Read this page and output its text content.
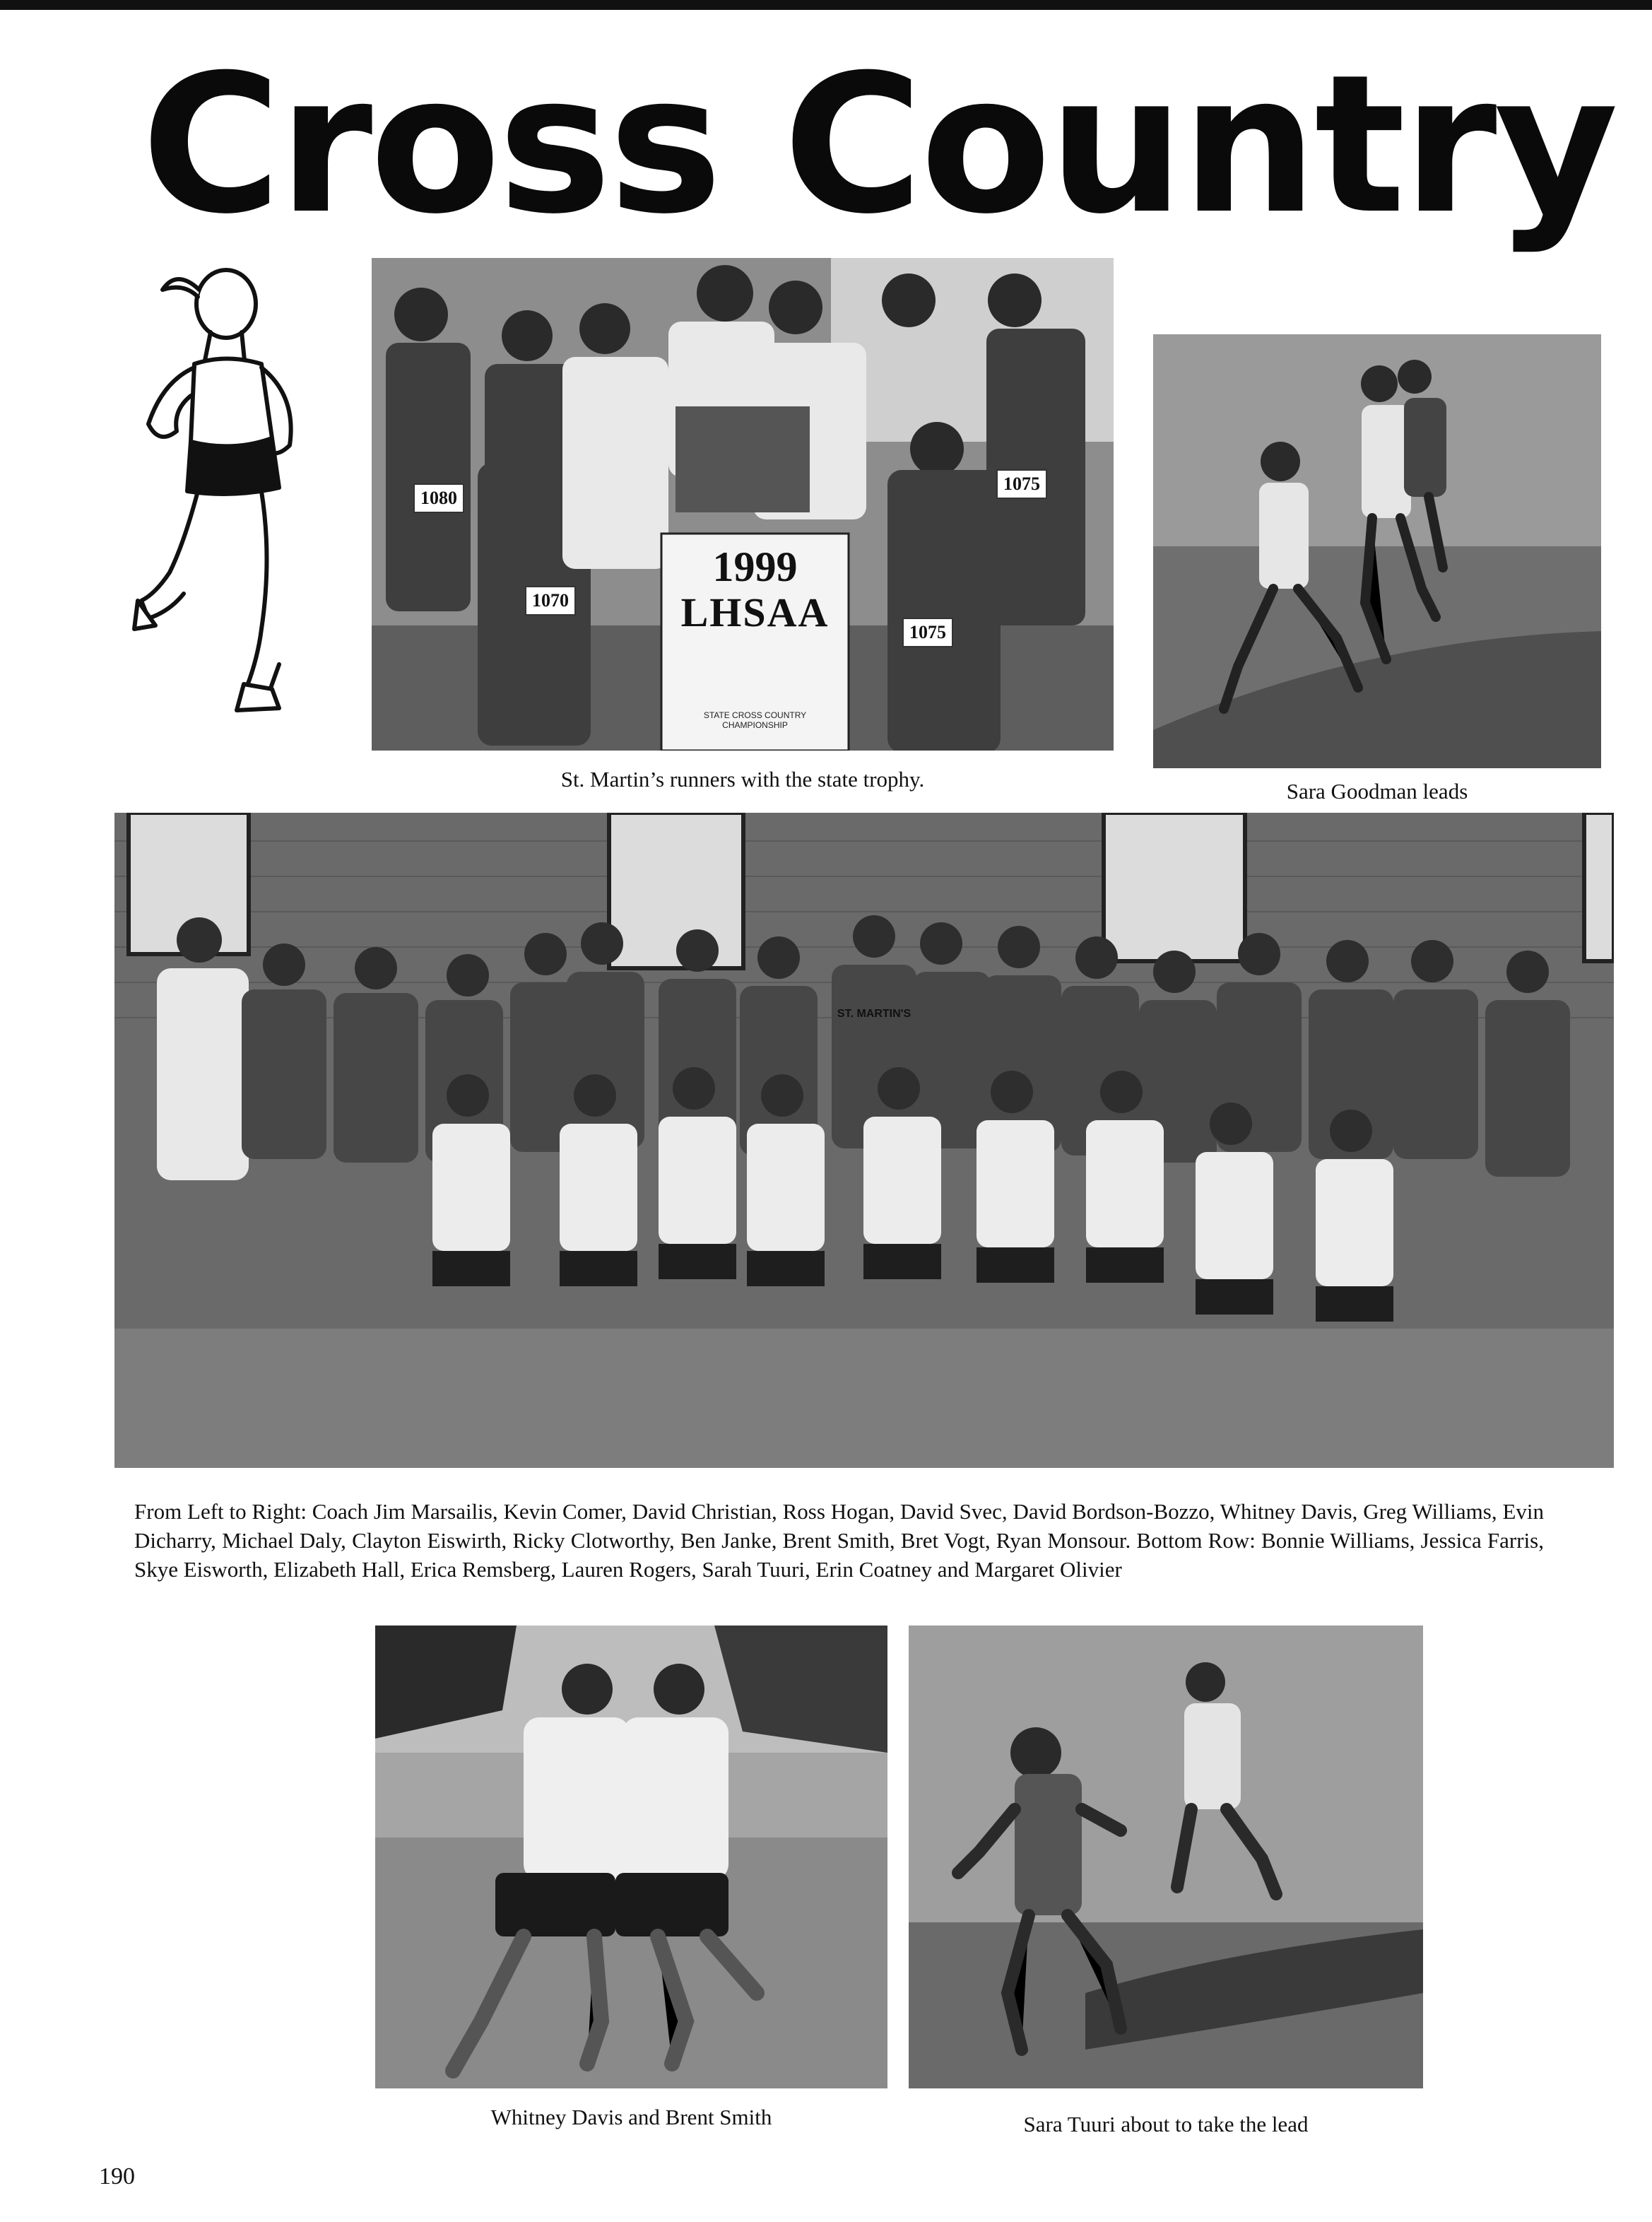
Cross Country
1999
LHSAA
STATE CROSS COUNTRY CHAMPIONSHIP
1080
1070
1075
1075
St. Martin’s runners with the state trophy.	Sara Goodman leads
ST. MARTIN'S
From Left to Right: Coach Jim Marsailis, Kevin Comer, David Christian, Ross Hogan, David Svec, David Bordson-Bozzo, Whitney Davis, Greg Williams, Evin Dicharry, Michael Daly, Clayton Eiswirth, Ricky Clotworthy, Ben Janke, Brent Smith, Bret Vogt, Ryan Monsour. Bottom Row: Bonnie Williams, Jessica Farris, Skye Eisworth, Elizabeth Hall, Erica Remsberg, Lauren Rogers, Sarah Tuuri, Erin Coatney and Margaret Olivier
Whitney Davis and Brent Smith	Sara Tuuri about to take the lead
190
